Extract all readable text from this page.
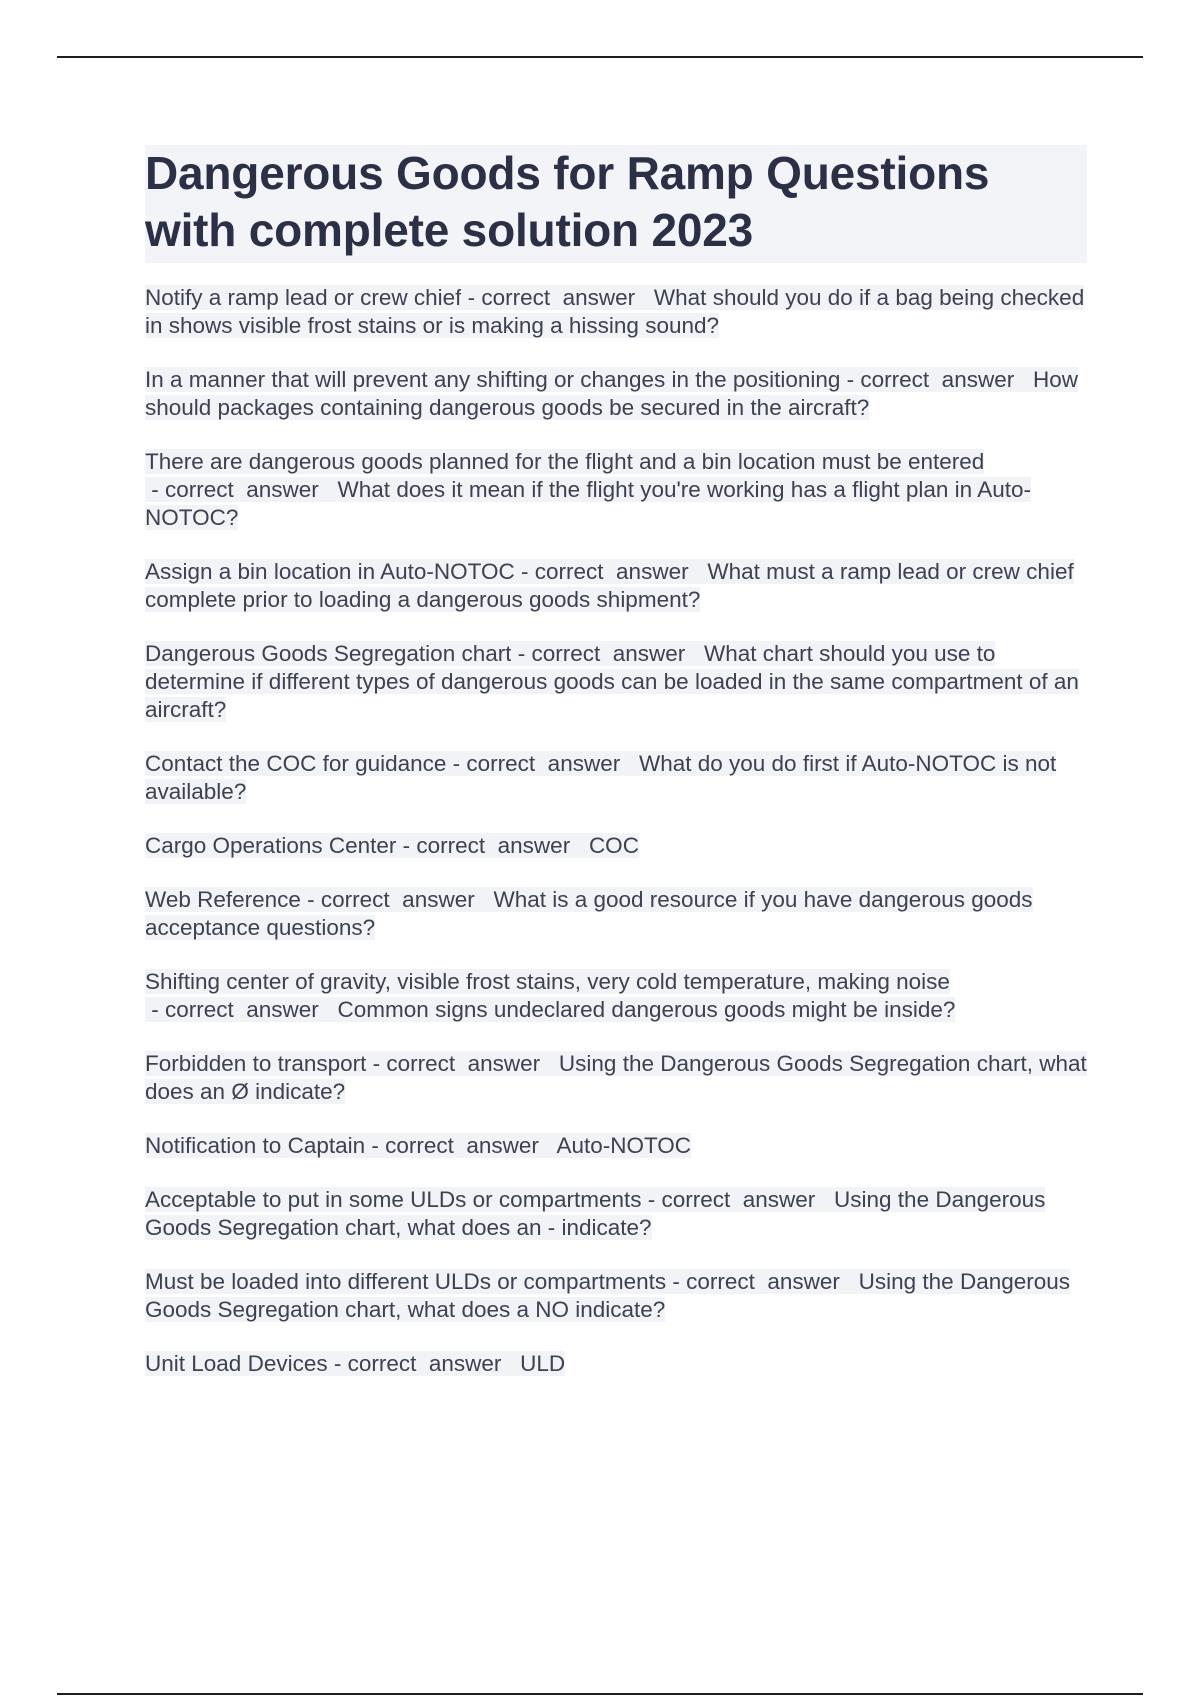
Dangerous Goods for Ramp Questions with complete solution 2023
Notify a ramp lead or crew chief - correct  answer   What should you do if a bag being checked in shows visible frost stains or is making a hissing sound?
In a manner that will prevent any shifting or changes in the positioning - correct  answer   How should packages containing dangerous goods be secured in the aircraft?
There are dangerous goods planned for the flight and a bin location must be entered - correct  answer   What does it mean if the flight you're working has a flight plan in Auto-NOTOC?
Assign a bin location in Auto-NOTOC - correct  answer   What must a ramp lead or crew chief complete prior to loading a dangerous goods shipment?
Dangerous Goods Segregation chart - correct  answer   What chart should you use to determine if different types of dangerous goods can be loaded in the same compartment of an aircraft?
Contact the COC for guidance - correct  answer   What do you do first if Auto-NOTOC is not available?
Cargo Operations Center - correct  answer   COC
Web Reference - correct  answer   What is a good resource if you have dangerous goods acceptance questions?
Shifting center of gravity, visible frost stains, very cold temperature, making noise - correct  answer   Common signs undeclared dangerous goods might be inside?
Forbidden to transport - correct  answer   Using the Dangerous Goods Segregation chart, what does an Ø indicate?
Notification to Captain - correct  answer   Auto-NOTOC
Acceptable to put in some ULDs or compartments - correct  answer   Using the Dangerous Goods Segregation chart, what does an - indicate?
Must be loaded into different ULDs or compartments - correct  answer   Using the Dangerous Goods Segregation chart, what does a NO indicate?
Unit Load Devices - correct  answer   ULD
